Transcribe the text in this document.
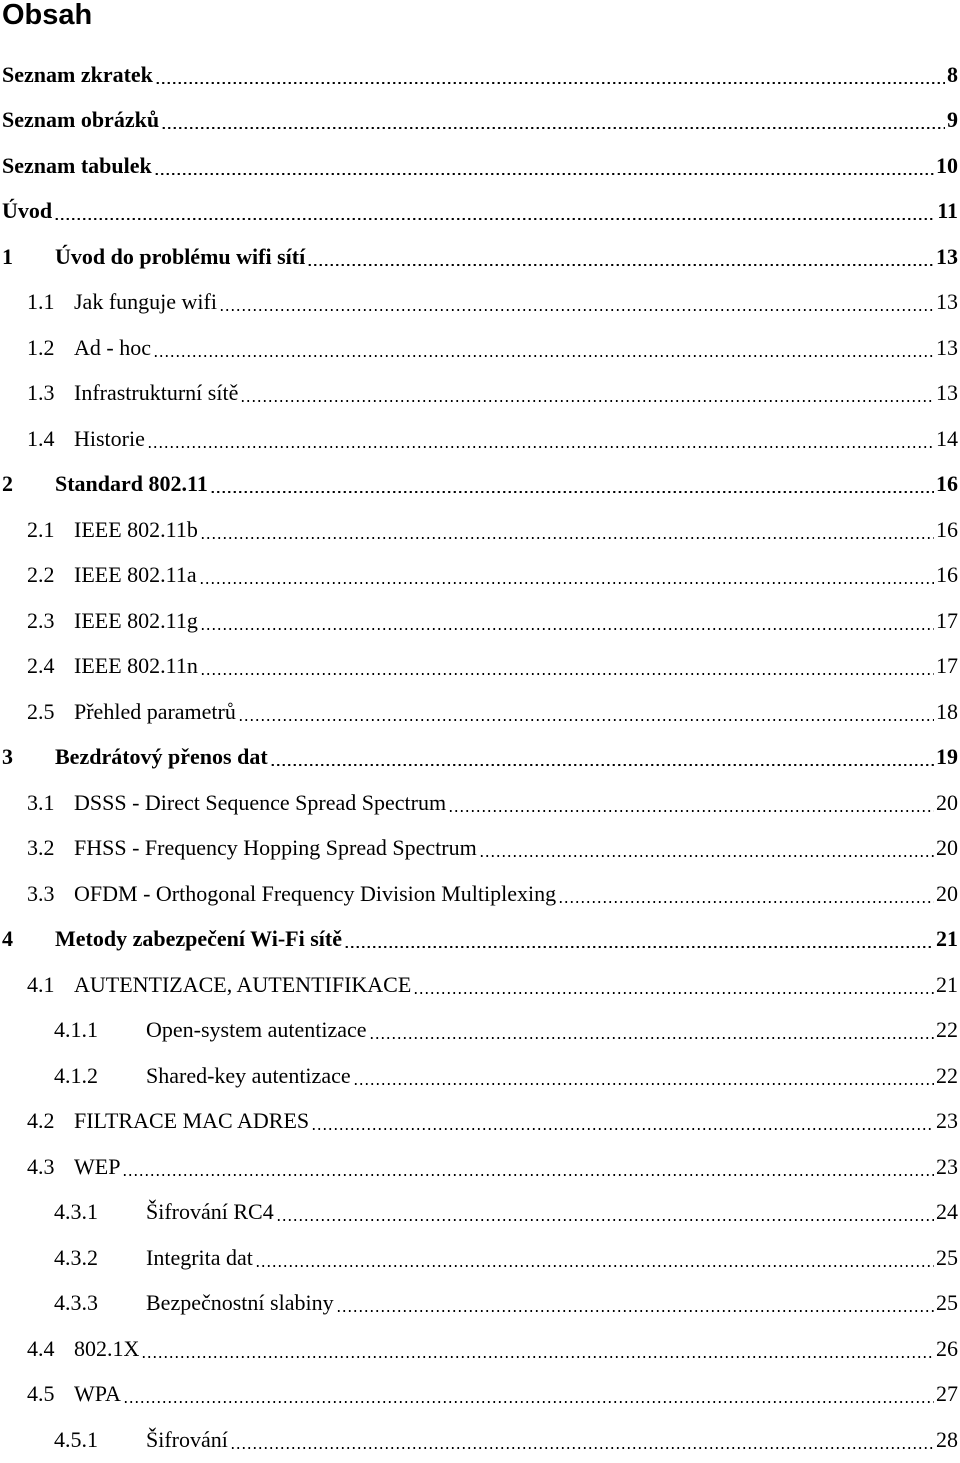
Obsah
Seznam zkratek	8
Seznam obrázků	9
Seznam tabulek	10
Úvod	11
1	Úvod do problému wifi sítí	13
1.1 Jak funguje wifi	13
1.2 Ad - hoc	13
1.3 Infrastrukturní sítě	13
1.4 Historie	14
2	Standard 802.11	16
2.1 IEEE 802.11b	16
2.2 IEEE 802.11a	16
2.3 IEEE 802.11g	17
2.4 IEEE 802.11n	17
2.5 Přehled parametrů	18
3	Bezdrátový přenos dat	19
3.1 DSSS - Direct Sequence Spread Spectrum	20
3.2 FHSS - Frequency Hopping Spread Spectrum	20
3.3 OFDM - Orthogonal Frequency Division Multiplexing	20
4	Metody zabezpečení Wi-Fi sítě	21
4.1 AUTENTIZACE, AUTENTIFIKACE	21
4.1.1	Open-system autentizace	22
4.1.2	Shared-key autentizace	22
4.2 FILTRACE MAC ADRES	23
4.3 WEP	23
4.3.1	Šifrování RC4	24
4.3.2	Integrita dat	25
4.3.3	Bezpečnostní slabiny	25
4.4 802.1X	26
4.5 WPA	27
4.5.1	Šifrování	28
